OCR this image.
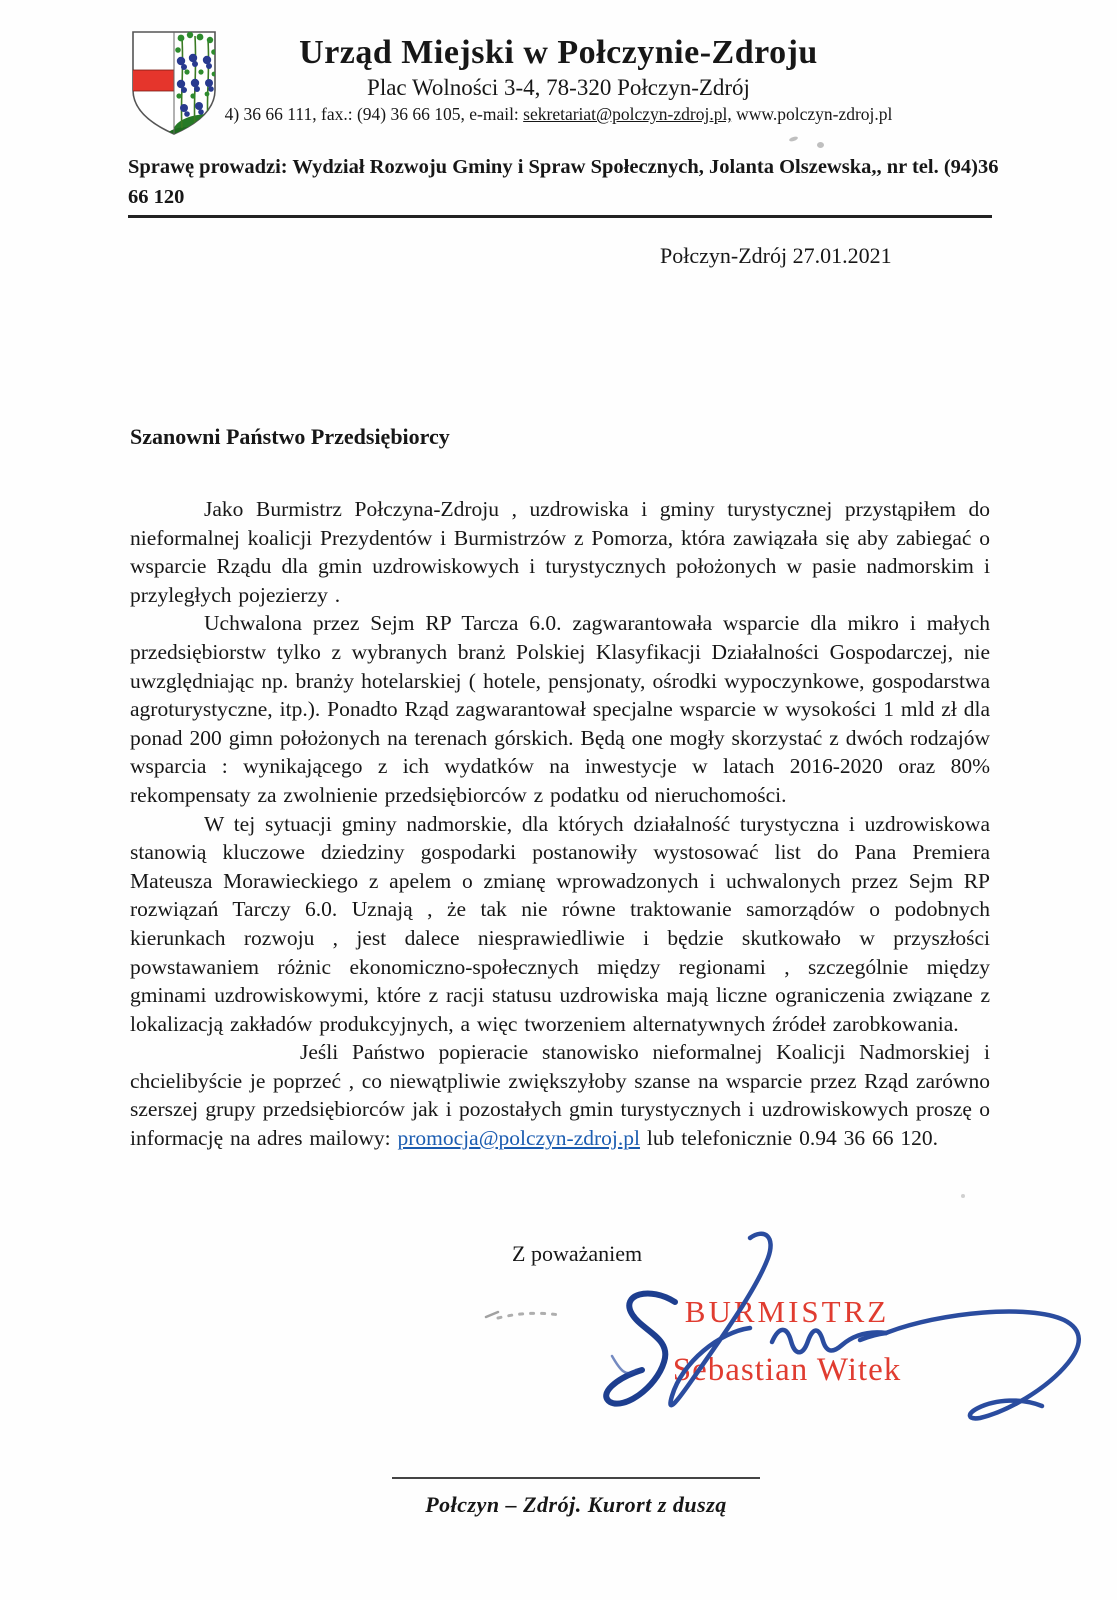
Urząd Miejski w Połczynie-Zdroju
Plac Wolności 3-4, 78-320 Połczyn-Zdrój
4) 36 66 111, fax.: (94) 36 66 105, e-mail: sekretariat@polczyn-zdroj.pl, www.polczyn-zdroj.pl
Sprawę prowadzi: Wydział Rozwoju Gminy i Spraw Społecznych, Jolanta Olszewska,, nr tel. (94)36 66 120
Połczyn-Zdrój 27.01.2021
Szanowni Państwo Przedsiębiorcy

Jako Burmistrz Połczyna-Zdroju , uzdrowiska i gminy turystycznej przystąpiłem do nieformalnej koalicji Prezydentów i Burmistrzów z Pomorza, która zawiązała się aby zabiegać o wsparcie Rządu dla gmin uzdrowiskowych i turystycznych położonych w pasie nadmorskim i przyległych pojezierzy .

Uchwalona przez Sejm RP Tarcza 6.0. zagwarantowała wsparcie dla mikro i małych przedsiębiorstw tylko z wybranych branż Polskiej Klasyfikacji Działalności Gospodarczej, nie uwzględniając np. branży hotelarskiej ( hotele, pensjonaty, ośrodki wypoczynkowe, gospodarstwa agroturystyczne, itp.). Ponadto Rząd zagwarantował specjalne wsparcie w wysokości 1 mld zł dla ponad 200 gimn położonych na terenach górskich. Będą one mogły skorzystać z dwóch rodzajów wsparcia : wynikającego z ich wydatków na inwestycje w latach 2016-2020 oraz 80% rekompensaty za zwolnienie przedsiębiorców z podatku od nieruchomości.

W tej sytuacji gminy nadmorskie, dla których działalność turystyczna i uzdrowiskowa stanowią kluczowe dziedziny gospodarki postanowiły wystosować list do Pana Premiera Mateusza Morawieckiego z apelem o zmianę wprowadzonych i uchwalonych przez Sejm RP rozwiązań Tarczy 6.0. Uznają , że tak nie równe traktowanie samorządów o podobnych kierunkach rozwoju , jest dalece niesprawiedliwie i będzie skutkowało w przyszłości powstawaniem różnic ekonomiczno-społecznych między regionami , szczególnie między gminami uzdrowiskowymi, które z racji statusu uzdrowiska mają liczne ograniczenia związane z lokalizacją zakładów produkcyjnych, a więc tworzeniem alternatywnych źródeł zarobkowania.

Jeśli Państwo popieracie stanowisko nieformalnej Koalicji Nadmorskiej i chcielibyście je poprzeć , co niewątpliwie zwiększyłoby szanse na wsparcie przez Rząd zarówno szerszej grupy przedsiębiorców jak i pozostałych gmin turystycznych i uzdrowiskowych proszę o informację na adres mailowy: promocja@polczyn-zdroj.pl lub telefonicznie 0.94 36 66 120.

Z poważaniem
BURMISTRZ
Sebastian Witek
Połczyn – Zdrój. Kurort z duszą
